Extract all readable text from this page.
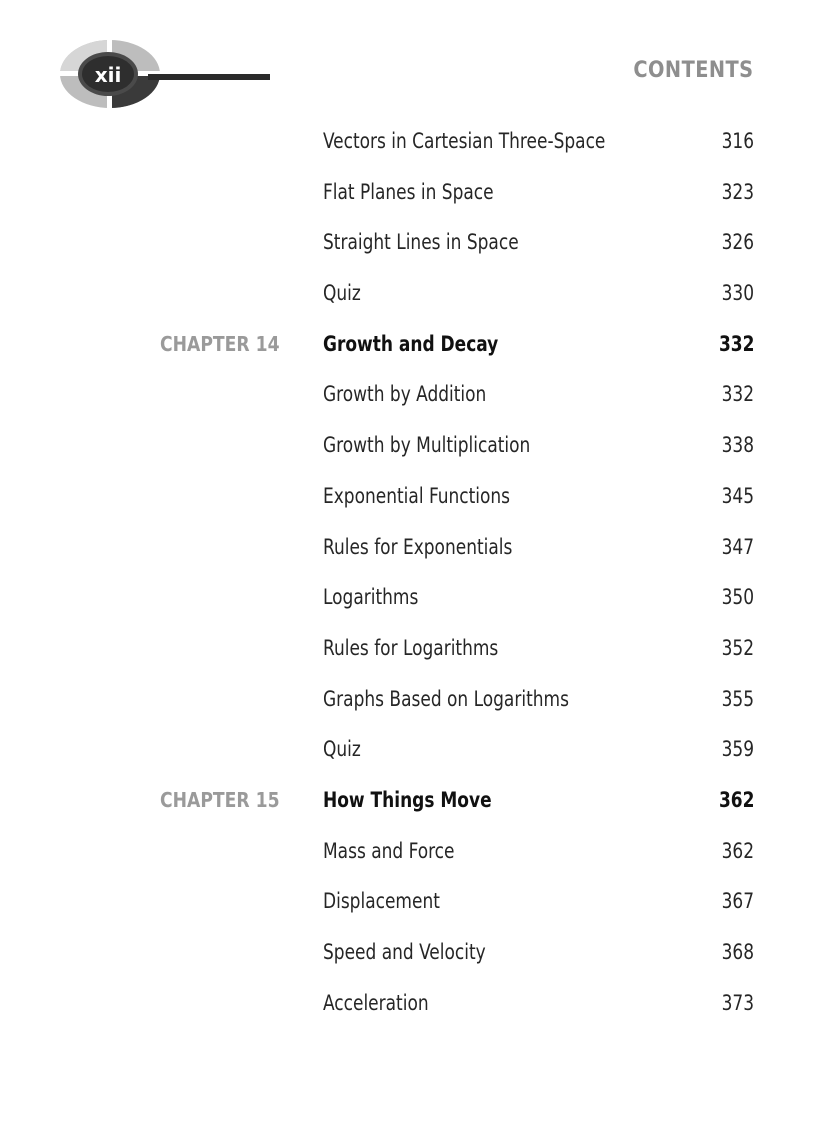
xii	CONTENTS
Vectors in Cartesian Three-Space	316
Flat Planes in Space	323
Straight Lines in Space	326
Quiz	330
CHAPTER 14 Growth and Decay	332
Growth by Addition	332
Growth by Multiplication	338
Exponential Functions	345
Rules for Exponentials	347
Logarithms	350
Rules for Logarithms	352
Graphs Based on Logarithms	355
Quiz	359
CHAPTER 15 How Things Move	362
Mass and Force	362
Displacement	367
Speed and Velocity	368
Acceleration	373
